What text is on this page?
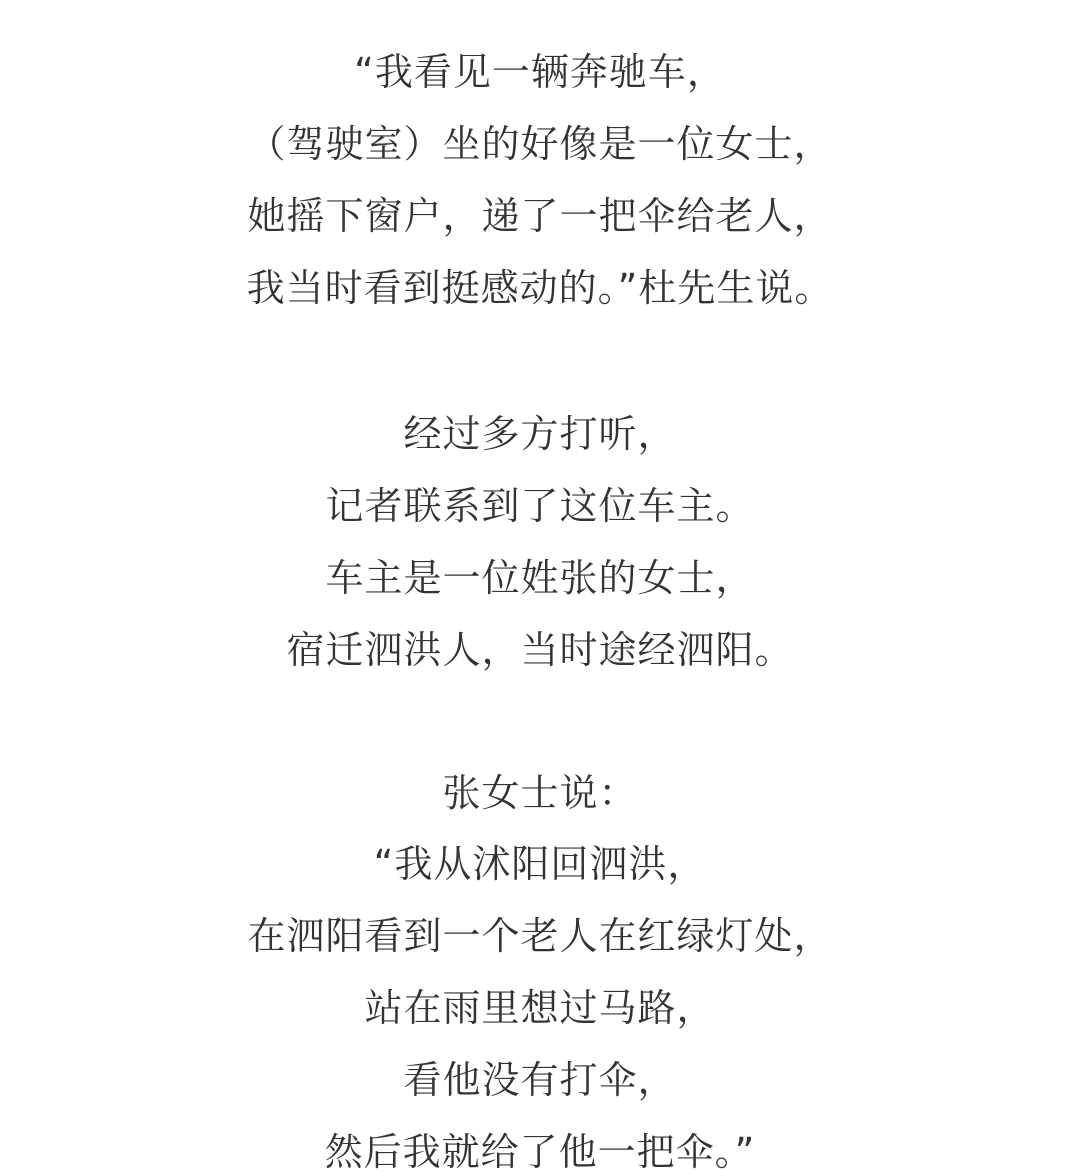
“我看见一辆奔驰车，
（驾驶室）坐的好像是一位女士，
她摇下窗户，递了一把伞给老人，
我当时看到挺感动的。”杜先生说。
经过多方打听，
记者联系到了这位车主。
车主是一位姓张的女士，
宿迁泗洪人，当时途经泗阳。
张女士说：
“我从沭阳回泗洪，
在泗阳看到一个老人在红绿灯处，
站在雨里想过马路，
看他没有打伞，
然后我就给了他一把伞。”
